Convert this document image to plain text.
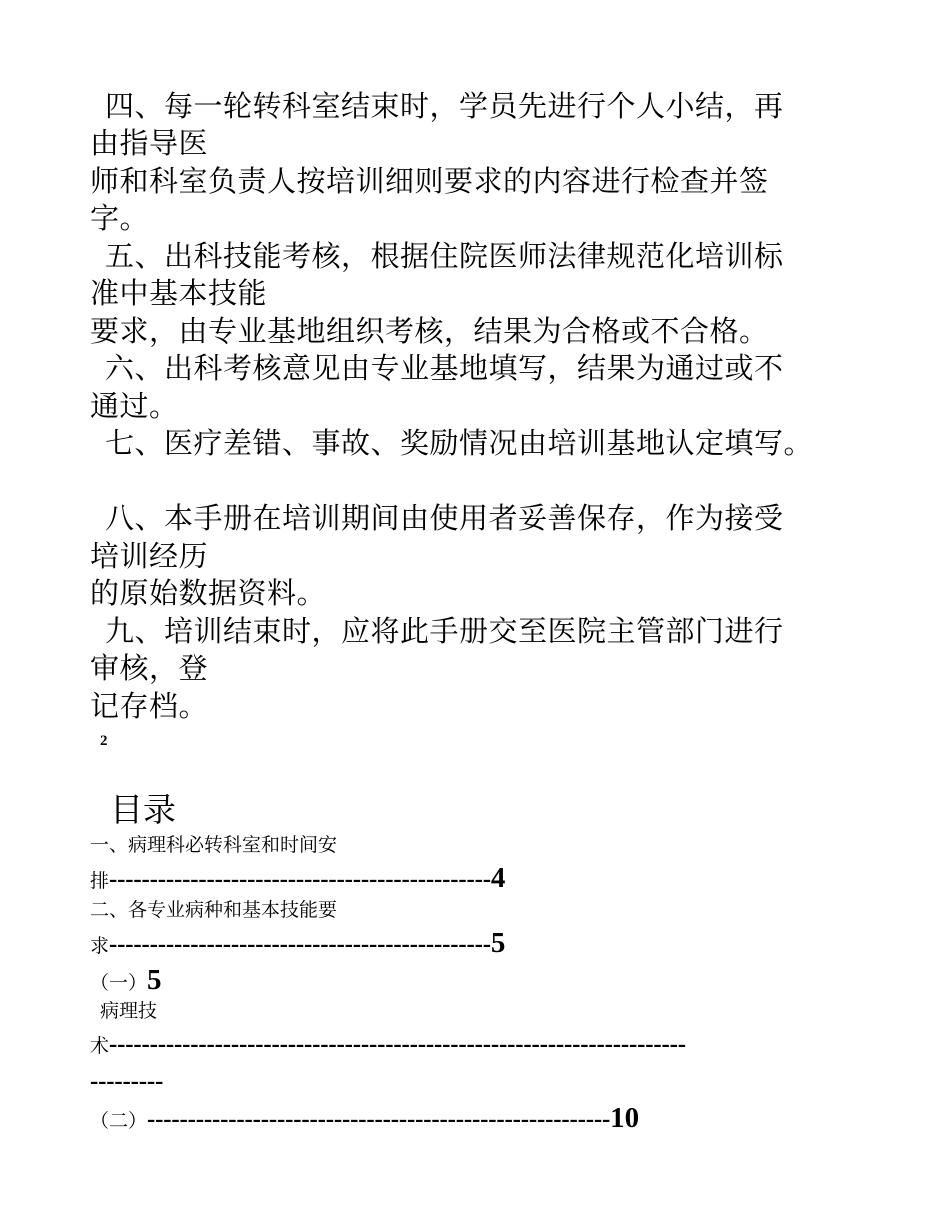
四、每一轮转科室结束时，学员先进行个人小结，再
由指导医
师和科室负责人按培训细则要求的内容进行检查并签
字。
五、出科技能考核，根据住院医师法律规范化培训标
准中基本技能
要求，由专业基地组织考核，结果为合格或不合格。
六、出科考核意见由专业基地填写，结果为通过或不
通过。
七、医疗差错、事故、奖励情况由培训基地认定填写。
八、本手册在培训期间由使用者妥善保存，作为接受
培训经历
的原始数据资料。
九、培训结束时，应将此手册交至医院主管部门进行
审核，登
记存档。
2
目录
一、病理科必转科室和时间安
排-----------------------------------------------4
二、各专业病种和基本技能要
求-----------------------------------------------5
（一）5
病理技
术-----------------------------------------------------------------------
---------
（二）---------------------------------------------------------10
